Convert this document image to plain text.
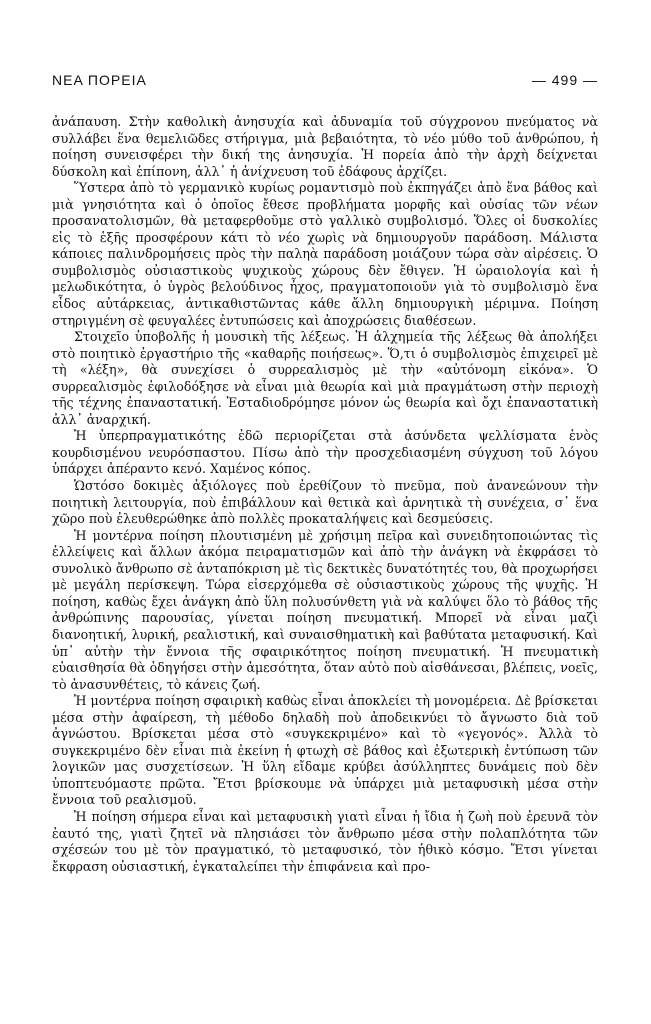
ΝΕΑ ΠΟΡΕΙΑ	— 499 —

ἀνάπαυση. Στὴν καθολικὴ ἀνησυχία καὶ ἀδυναμία τοῦ σύγχρονου πνεύματος νὰ συλλάβει ἕνα θεμελιῶδες στήριγμα, μιὰ βεβαιότητα, τὸ νέο μύθο τοῦ ἀνθρώπου, ἡ ποίηση συνεισφέρει τὴν δική της ἀνησυχία. Ἡ πορεία ἀπὸ τὴν ἀρχὴ δείχνεται δύσκολη καὶ ἐπίπονη, ἀλλ᾿ ἡ ἀνίχνευση τοῦ ἐδάφους ἀρχίζει.

Ὕστερα ἀπὸ τὸ γερμανικὸ κυρίως ρομαντισμὸ ποὺ ἐκπηγάζει ἀπὸ ἕνα βάθος καὶ μιὰ γνησιότητα καὶ ὁ ὁποῖος ἔθεσε προβλήματα μορφῆς καὶ οὐσίας τῶν νέων προσανατολισμῶν, θὰ μεταφερθοῦμε στὸ γαλλικὸ συμβολισμό. Ὅλες οἱ δυσκολίες εἰς τὸ ἑξῆς προσφέρουν κάτι τὸ νέο χωρὶς νὰ δημιουργοῦν παράδοση. Μάλιστα κάποιες παλινδρομήσεις πρὸς τὴν παληὰ παράδοση μοιάζουν τώρα σὰν αἱρέσεις. Ὁ συμβολισμὸς οὐσιαστικοὺς ψυχικοὺς χώρους δὲν ἔθιγεν. Ἡ ὡραιολογία καὶ ἡ μελωδικότητα, ὁ ὑγρὸς βελούδινος ἦχος, πραγματοποιοῦν γιὰ τὸ συμβολισμὸ ἕνα εἶδος αὐτάρκειας, ἀντικαθιστῶντας κάθε ἄλλη δημιουργικὴ μέριμνα. Ποίηση στηριγμένη σὲ φευγαλέες ἐντυπώσεις καὶ ἀποχρώσεις διαθέσεων.

Στοιχεῖο ὑποβολῆς ἡ μουσικὴ τῆς λέξεως. Ἡ ἀλχημεία τῆς λέξεως θὰ ἀπολήξει στὸ ποιητικὸ ἐργαστήριο τῆς «καθαρῆς ποιήσεως». Ὅ,τι ὁ συμβολισμὸς ἐπιχειρεῖ μὲ τὴ «λέξη», θὰ συνεχίσει ὁ συρρεαλισμὸς μὲ τὴν «αὐτόνομη εἰκόνα». Ὁ συρρεαλισμὸς ἐφιλοδόξησε νὰ εἶναι μιὰ θεωρία καὶ μιὰ πραγμάτωση στὴν περιοχὴ τῆς τέχνης ἐπαναστατική. Ἐσταδιοδρόμησε μόνον ὡς θεωρία καὶ ὄχι ἐπαναστατικὴ ἀλλ᾿ ἀναρχική.

Ἡ ὑπερπραγματικότης ἐδῶ περιορίζεται στὰ ἀσύνδετα ψελλίσματα ἑνὸς κουρδισμένου νευρόσπαστου. Πίσω ἀπὸ τὴν προσχεδιασμένη σύγχυση τοῦ λόγου ὑπάρχει ἀπέραντο κενό. Χαμένος κόπος.

Ὡστόσο δοκιμὲς ἀξιόλογες ποὺ ἐρεθίζουν τὸ πνεῦμα, ποὺ ἀνανεώνουν τὴν ποιητικὴ λειτουργία, ποὺ ἐπιβάλλουν καὶ θετικὰ καὶ ἀρνητικὰ τὴ συνέχεια, σ᾿ ἕνα χῶρο ποὺ ἐλευθερώθηκε ἀπὸ πολλὲς προκαταλήψεις καὶ δεσμεύσεις.

Ἡ μοντέρνα ποίηση πλουτισμένη μὲ χρήσιμη πεῖρα καὶ συνειδητοποιώντας τὶς ἐλλείψεις καὶ ἄλλων ἀκόμα πειραματισμῶν καὶ ἀπὸ τὴν ἀνάγκη νὰ ἐκφράσει τὸ συνολικὸ ἄνθρωπο σὲ ἀνταπόκριση μὲ τὶς δεκτικὲς δυνατότητές του, θὰ προχωρήσει μὲ μεγάλη περίσκεψη. Τώρα εἰσερχόμεθα σὲ οὐσιαστικοὺς χώρους τῆς ψυχῆς. Ἡ ποίηση, καθὼς ἔχει ἀνάγκη ἀπὸ ὕλη πολυσύνθετη γιὰ νὰ καλύψει ὅλο τὸ βάθος τῆς ἀνθρώπινης παρουσίας, γίνεται ποίηση πνευματική. Μπορεῖ νὰ εἶναι μαζὶ διανοητική, λυρική, ρεαλιστική, καὶ συναισθηματικὴ καὶ βαθύτατα μεταφυσική. Καὶ ὑπ᾿ αὐτὴν τὴν ἔννοια τῆς σφαιρικότητος ποίηση πνευματική. Ἡ πνευματικὴ εὐαισθησία θὰ ὁδηγήσει στὴν ἀμεσότητα, ὅταν αὐτὸ ποὺ αἰσθάνεσαι, βλέπεις, νοεῖς, τὸ ἀνασυνθέτεις, τὸ κάνεις ζωή.

Ἡ μοντέρνα ποίηση σφαιρικὴ καθὼς εἶναι ἀποκλείει τὴ μονομέρεια. Δὲ βρίσκεται μέσα στὴν ἀφαίρεση, τὴ μέθοδο δηλαδὴ ποὺ ἀποδεικνύει τὸ ἄγνωστο διὰ τοῦ ἀγνώστου. Βρίσκεται μέσα στὸ «συγκεκριμένο» καὶ τὸ «γεγονός». Ἀλλὰ τὸ συγκεκριμένο δὲν εἶναι πιὰ ἐκείνη ἡ φτωχὴ σὲ βάθος καὶ ἐξωτερικὴ ἐντύπωση τῶν λογικῶν μας συσχετίσεων. Ἡ ὕλη εἴδαμε κρύβει ἀσύλληπτες δυνάμεις ποὺ δὲν ὑποπτευόμαστε πρῶτα. Ἔτσι βρίσκουμε νὰ ὑπάρχει μιὰ μεταφυσικὴ μέσα στὴν ἔννοια τοῦ ρεαλισμοῦ.

Ἡ ποίηση σήμερα εἶναι καὶ μεταφυσικὴ γιατὶ εἶναι ἡ ἴδια ἡ ζωὴ ποὺ ἐρευνᾶ τὸν ἑαυτό της, γιατὶ ζητεῖ νὰ πλησιάσει τὸν ἄνθρωπο μέσα στὴν πολαπλότητα τῶν σχέσεών του μὲ τὸν πραγματικό, τὸ μεταφυσικό, τὸν ἠθικὸ κόσμο. Ἔτσι γίνεται ἔκφραση οὐσιαστική, ἐγκαταλείπει τὴν ἐπιφάνεια καὶ προ-
